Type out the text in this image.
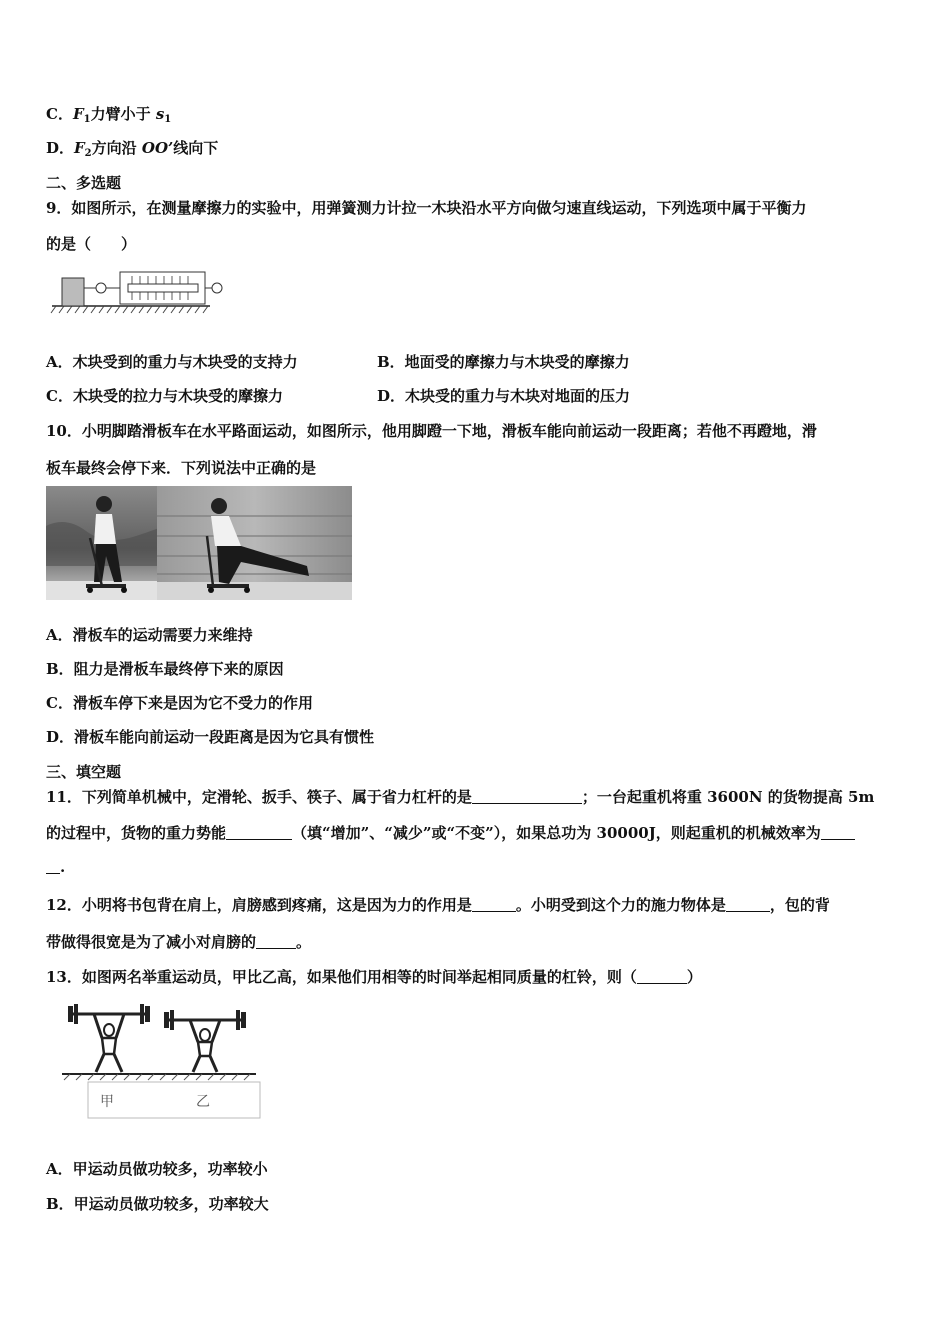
C．$F_1$力臂小于 $s_1$
D．$F_2$方向沿 OO’线向下
二、多选题
9．如图所示，在测量摩擦力的实验中，用弹簧测力计拉一木块沿水平方向做匀速直线运动，下列选项中属于平衡力
的是（　　）
A．木块受到的重力与木块受的支持力	B．地面受的摩擦力与木块受的摩擦力
C．木块受的拉力与木块受的摩擦力	D．木块受的重力与木块对地面的压力
10．小明脚踏滑板车在水平路面运动，如图所示，他用脚蹬一下地，滑板车能向前运动一段距离；若他不再蹬地，滑
板车最终会停下来．下列说法中正确的是
A．滑板车的运动需要力来维持
B．阻力是滑板车最终停下来的原因
C．滑板车停下来是因为它不受力的作用
D．滑板车能向前运动一段距离是因为它具有惯性
三、填空题
11．下列简单机械中，定滑轮、扳手、筷子、属于省力杠杆的是	；一台起重机将重 3600N 的货物提高 5m
的过程中，货物的重力势能	（填“增加”、“减少”或“不变”），如果总功为 30000J，则起重机的机械效率为
.
12．小明将书包背在肩上，肩膀感到疼痛，这是因为力的作用是	。小明受到这个力的施力物体是	，包的背
带做得很宽是为了减小对肩膀的	。
13．如图两名举重运动员，甲比乙高，如果他们用相等的时间举起相同质量的杠铃，则（	）
甲	乙
A．甲运动员做功较多，功率较小
B．甲运动员做功较多，功率较大
